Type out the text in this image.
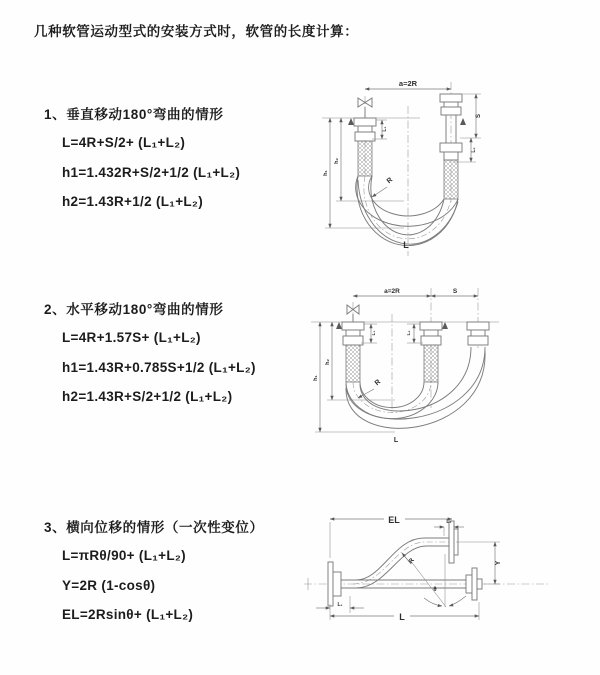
几种软管运动型式的安装方式时，软管的长度计算：
1、垂直移动180°弯曲的情形
L=4R+S/2+ (L₁+L₂)
h1=1.432R+S/2+1/2 (L₁+L₂)
h2=1.43R+1/2 (L₁+L₂)
2、水平移动180°弯曲的情形
L=4R+1.57S+ (L₁+L₂)
h1=1.43R+0.785S+1/2 (L₁+L₂)
h2=1.43R+S/2+1/2 (L₁+L₂)
3、横向位移的情形（一次性变位）
L=πRθ/90+ (L₁+L₂)
Y=2R (1-cosθ)
EL=2Rsinθ+ (L₁+L₂)
a=2R
h₁
h₂
L₁
S
L₂
R
L
a=2R	S
L₁	L₂
h₁
h₂
R
L
EL	L₂
Y
L
L₁
R
θ
